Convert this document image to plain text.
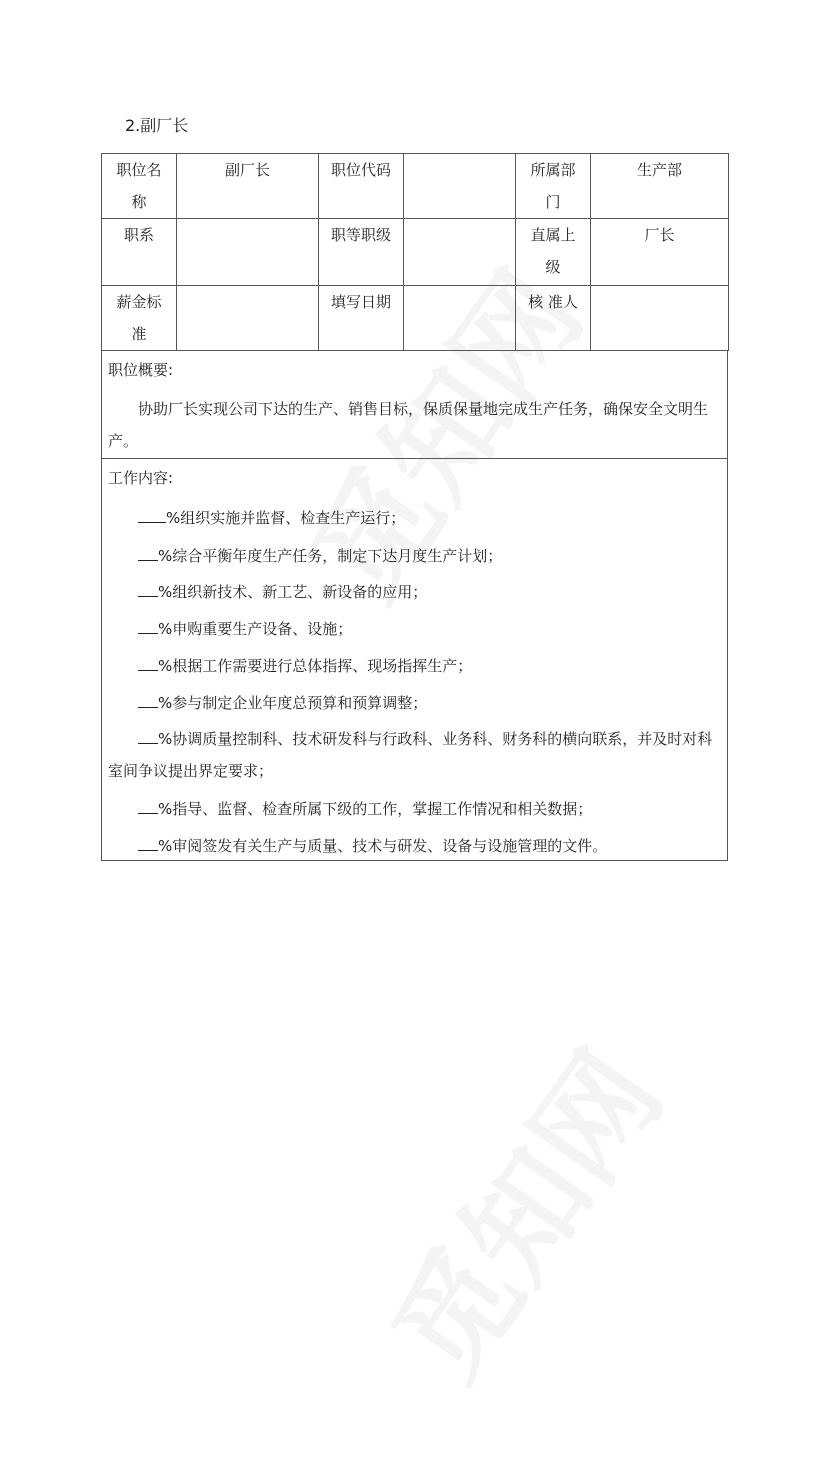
2.副厂长
职位名称	副厂长	职位代码		所属部门	生产部
职系		职等职级		直属上级	厂长
薪金标准		填写日期		核 准人	
职位概要:
协助厂长实现公司下达的生产、销售目标，保质保量地完成生产任务，确保安全文明生产。
工作内容:
%组织实施并监督、检查生产运行；
%综合平衡年度生产任务，制定下达月度生产计划；
%组织新技术、新工艺、新设备的应用；
%申购重要生产设备、设施；
%根据工作需要进行总体指挥、现场指挥生产；
%参与制定企业年度总预算和预算调整；
%协调质量控制科、技术研发科与行政科、业务科、财务科的横向联系，并及时对科室间争议提出界定要求；
%指导、监督、检查所属下级的工作，掌握工作情况和相关数据；
%审阅签发有关生产与质量、技术与研发、设备与设施管理的文件。
